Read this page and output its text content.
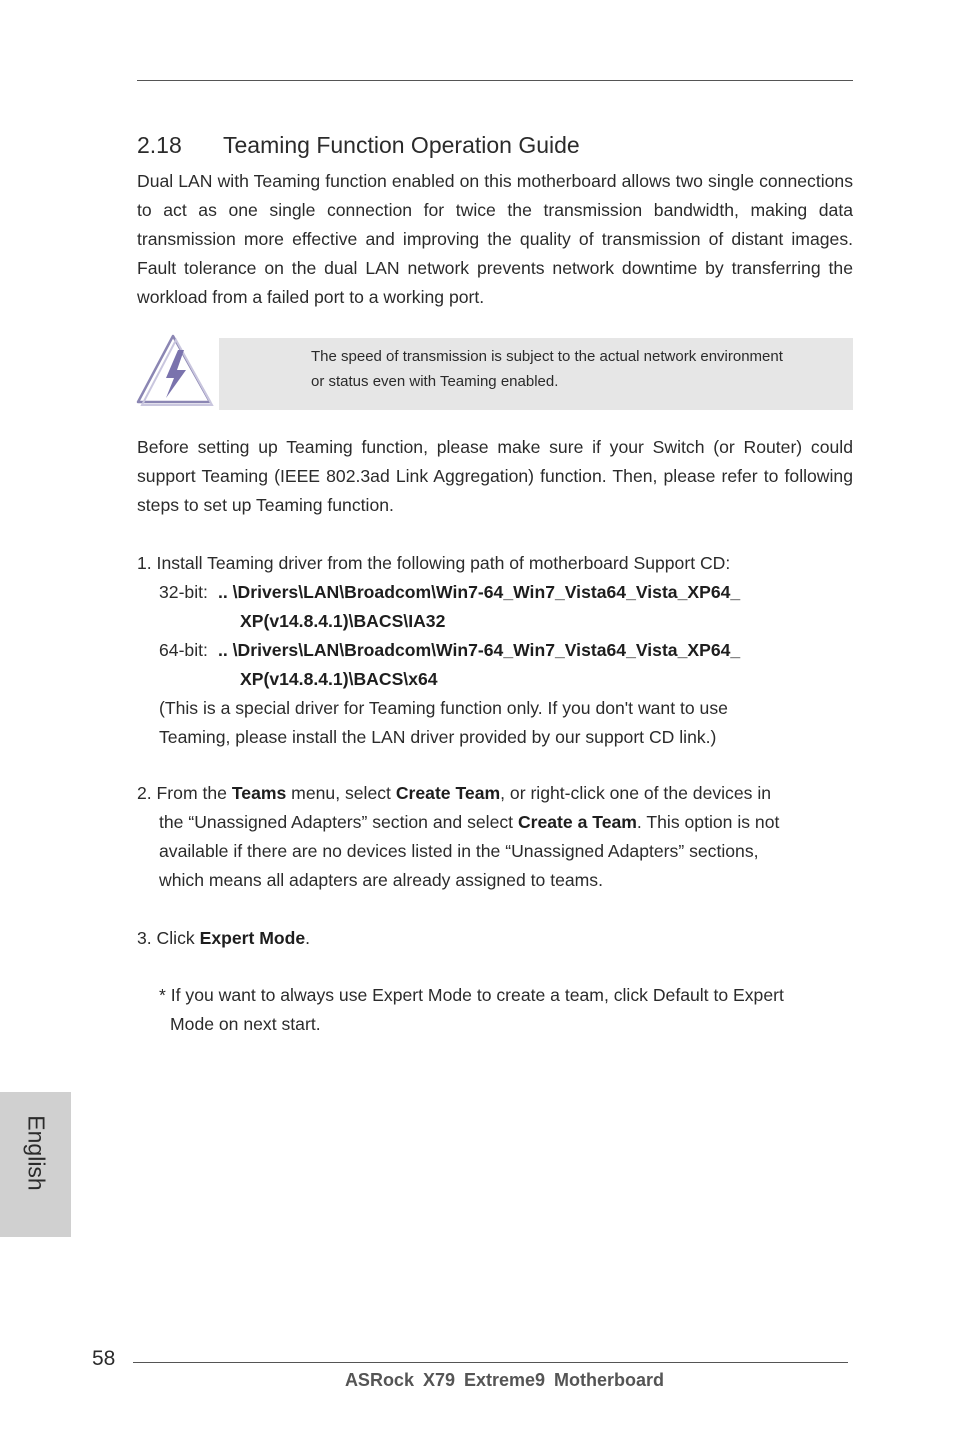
2.18 Teaming Function Operation Guide

Dual LAN with Teaming function enabled on this motherboard allows two single connections to act as one single connection for twice the transmission bandwidth, making data transmission more effective and improving the quality of transmission of distant images. Fault tolerance on the dual LAN network prevents network downtime by transferring the workload from a failed port to a working port.

The speed of transmission is subject to the actual network environment
or status even with Teaming enabled.

Before setting up Teaming function, please make sure if your Switch (or Router) could support Teaming (IEEE 802.3ad Link Aggregation) function. Then, please refer to following steps to set up Teaming function.

1. Install Teaming driver from the following path of motherboard Support CD:
32-bit: .. \Drivers\LAN\Broadcom\Win7-64_Win7_Vista64_Vista_XP64_
XP(v14.8.4.1)\BACS\IA32
64-bit: .. \Drivers\LAN\Broadcom\Win7-64_Win7_Vista64_Vista_XP64_
XP(v14.8.4.1)\BACS\x64
(This is a special driver for Teaming function only. If you don't want to use
Teaming, please install the LAN driver provided by our support CD link.)
2. From the Teams menu, select Create Team, or right-click one of the devices in
the “Unassigned Adapters” section and select Create a Team. This option is not
available if there are no devices listed in the “Unassigned Adapters” sections,
which means all adapters are already assigned to teams.
3. Click Expert Mode.
* If you want to always use Expert Mode to create a team, click Default to Expert
Mode on next start.
English
58
ASRock X79 Extreme9 Motherboard
